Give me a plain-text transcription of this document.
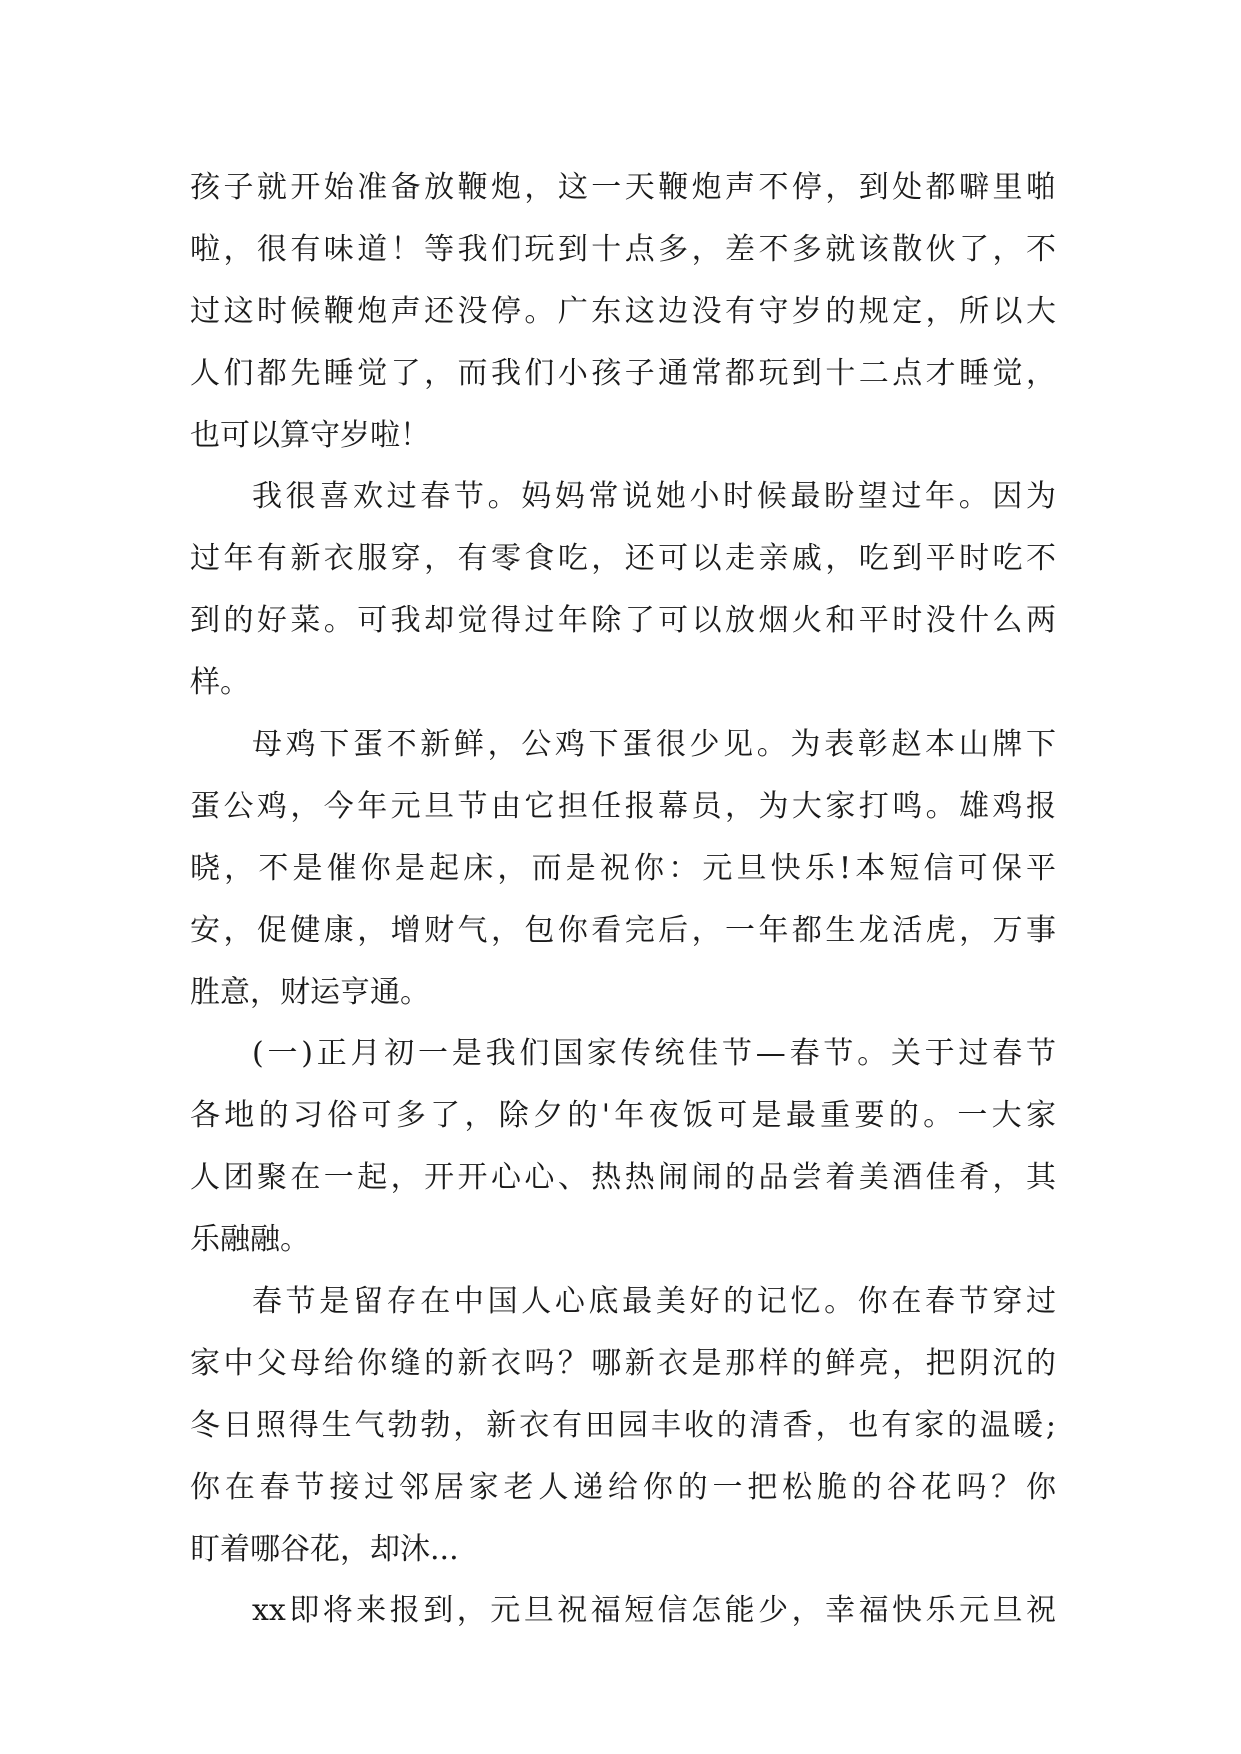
孩子就开始准备放鞭炮，这一天鞭炮声不停，到处都噼里啪
啦，很有味道！等我们玩到十点多，差不多就该散伙了，不
过这时候鞭炮声还没停。广东这边没有守岁的规定，所以大
人们都先睡觉了，而我们小孩子通常都玩到十二点才睡觉，
也可以算守岁啦！
我很喜欢过春节。妈妈常说她小时候最盼望过年。因为
过年有新衣服穿，有零食吃，还可以走亲戚，吃到平时吃不
到的好菜。可我却觉得过年除了可以放烟火和平时没什么两
样。
母鸡下蛋不新鲜，公鸡下蛋很少见。为表彰赵本山牌下
蛋公鸡，今年元旦节由它担任报幕员，为大家打鸣。雄鸡报
晓，不是催你是起床，而是祝你：元旦快乐!本短信可保平
安，促健康，增财气，包你看完后，一年都生龙活虎，万事
胜意，财运亨通。
(一)正月初一是我们国家传统佳节—春节。关于过春节
各地的习俗可多了，除夕的'年夜饭可是最重要的。一大家
人团聚在一起，开开心心、热热闹闹的品尝着美酒佳肴，其
乐融融。
春节是留存在中国人心底最美好的记忆。你在春节穿过
家中父母给你缝的新衣吗？哪新衣是那样的鲜亮，把阴沉的
冬日照得生气勃勃，新衣有田园丰收的清香，也有家的温暖;
你在春节接过邻居家老人递给你的一把松脆的谷花吗？你
盯着哪谷花，却沐...
xx即将来报到，元旦祝福短信怎能少，幸福快乐元旦祝
